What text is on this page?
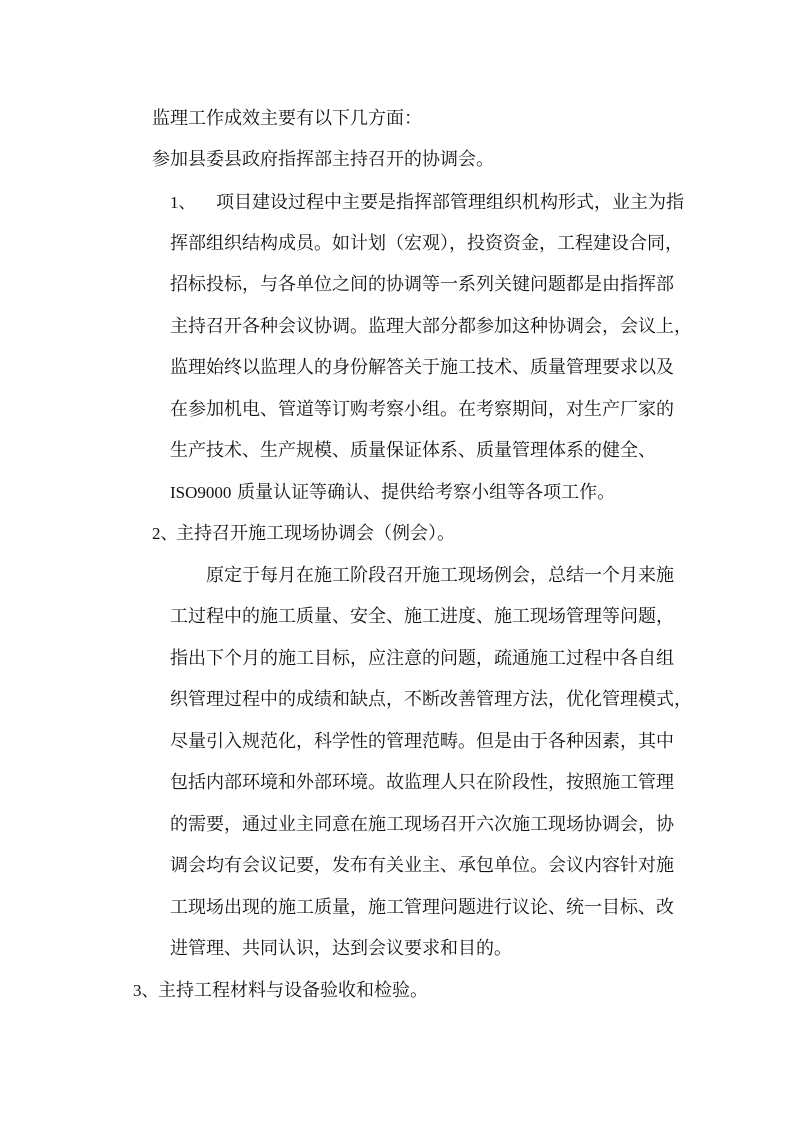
监理工作成效主要有以下几方面：
参加县委县政府指挥部主持召开的协调会。
1、 项目建设过程中主要是指挥部管理组织机构形式，业主为指
挥部组织结构成员。如计划（宏观），投资资金，工程建设合同，
招标投标，与各单位之间的协调等一系列关键问题都是由指挥部
主持召开各种会议协调。监理大部分都参加这种协调会，会议上，
监理始终以监理人的身份解答关于施工技术、质量管理要求以及
在参加机电、管道等订购考察小组。在考察期间，对生产厂家的
生产技术、生产规模、质量保证体系、质量管理体系的健全、
ISO9000 质量认证等确认、提供给考察小组等各项工作。
2、
主持召开施工现场协调会（例会）。
原定于每月在施工阶段召开施工现场例会，总结一个月来施
工过程中的施工质量、安全、施工进度、施工现场管理等问题，
指出下个月的施工目标，应注意的问题，疏通施工过程中各自组
织管理过程中的成绩和缺点，不断改善管理方法，优化管理模式，
尽量引入规范化，科学性的管理范畴。但是由于各种因素，其中
包括内部环境和外部环境。故监理人只在阶段性，按照施工管理
的需要，通过业主同意在施工现场召开六次施工现场协调会，协
调会均有会议记要，发布有关业主、承包单位。会议内容针对施
工现场出现的施工质量，施工管理问题进行议论、统一目标、改
进管理、共同认识，达到会议要求和目的。
3、 主持工程材料与设备验收和检验。
